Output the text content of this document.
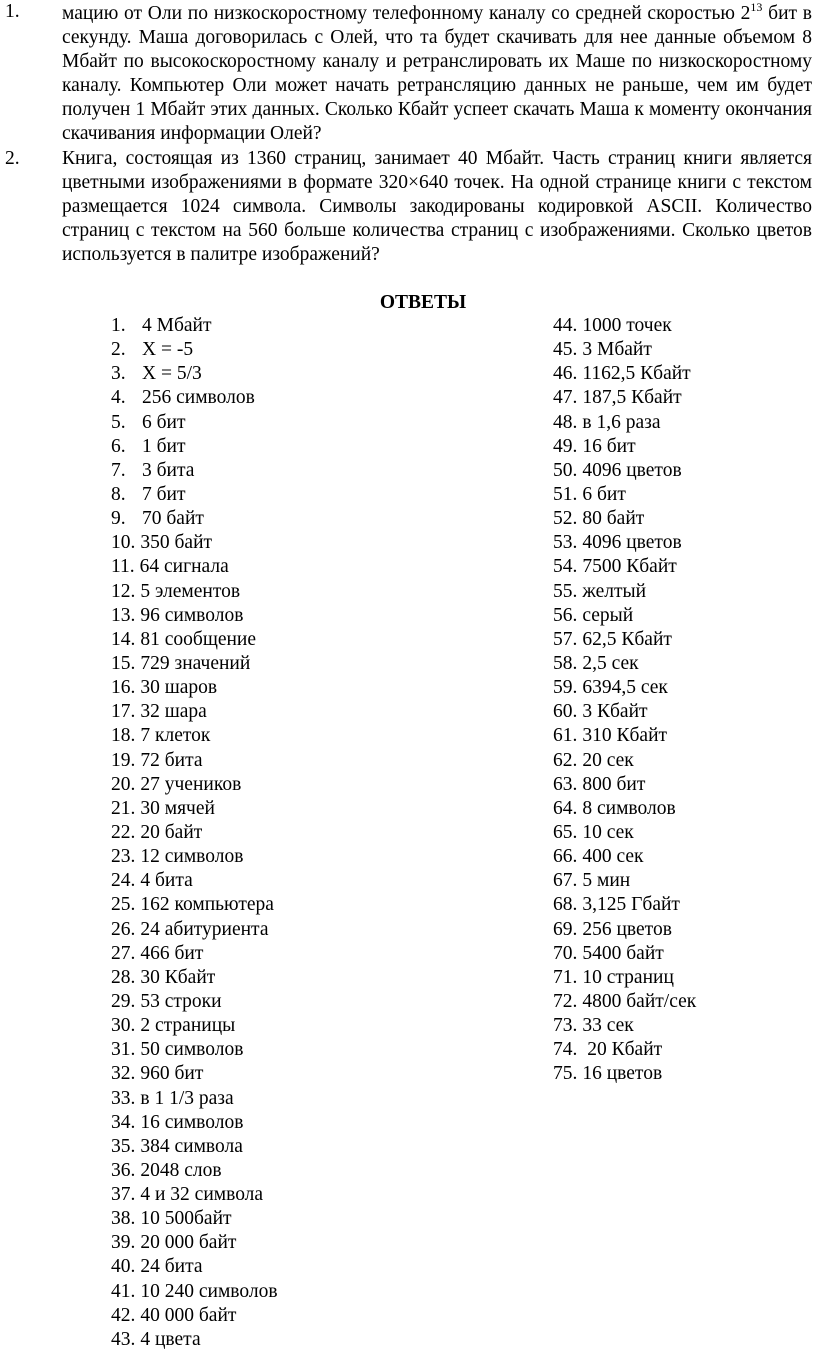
1. мацию от Оли по низкоскоростному телефонному каналу со средней скоростью $2^{13}$ бит в секунду. Маша договорилась с Олей, что та будет скачивать для нее данные объемом 8 Мбайт по высокоскоростному каналу и ретранслировать их Маше по низкоскоростному каналу. Компьютер Оли может начать ретрансляцию данных не раньше, чем им будет получен 1 Мбайт этих данных. Сколько Кбайт успеет скачать Маша к моменту окончания скачивания информации Олей?
2. Книга, состоящая из 1360 страниц, занимает 40 Мбайт. Часть страниц книги является цветными изображениями в формате 320×640 точек. На одной странице книги с текстом размещается 1024 символа. Символы закодированы кодировкой ASCII. Количество страниц с текстом на 560 больше количества страниц с изображениями. Сколько цветов используется в палитре изображений?
ОТВЕТЫ
1. 4 Мбайт
2. X = -5
3. X = 5/3
4. 256 символов
5. 6 бит
6. 1 бит
7. 3 бита
8. 7 бит
9. 70 байт
10. 350 байт
11. 64 сигнала
12. 5 элементов
13. 96 символов
14. 81 сообщение
15. 729 значений
16. 30 шаров
17. 32 шара
18. 7 клеток
19. 72 бита
20. 27 учеников
21. 30 мячей
22. 20 байт
23. 12 символов
24. 4 бита
25. 162 компьютера
26. 24 абитуриента
27. 466 бит
28. 30 Кбайт
29. 53 строки
30. 2 страницы
31. 50 символов
32. 960 бит
33. в 1 1/3 раза
34. 16 символов
35. 384 символа
36. 2048 слов
37. 4 и 32 символа
38. 10 500байт
39. 20 000 байт
40. 24 бита
41. 10 240 символов
42. 40 000 байт
43. 4 цвета
44. 1000 точек
45. 3 Мбайт
46. 1162,5 Кбайт
47. 187,5 Кбайт
48. в 1,6 раза
49. 16 бит
50. 4096 цветов
51. 6 бит
52. 80 байт
53. 4096 цветов
54. 7500 Кбайт
55. желтый
56. серый
57. 62,5 Кбайт
58. 2,5 сек
59. 6394,5 сек
60. 3 Кбайт
61. 310 Кбайт
62. 20 сек
63. 800 бит
64. 8 символов
65. 10 сек
66. 400 сек
67. 5 мин
68. 3,125 Гбайт
69. 256 цветов
70. 5400 байт
71. 10 страниц
72. 4800 байт/сек
73. 33 сек
74. 20 Кбайт
75. 16 цветов
